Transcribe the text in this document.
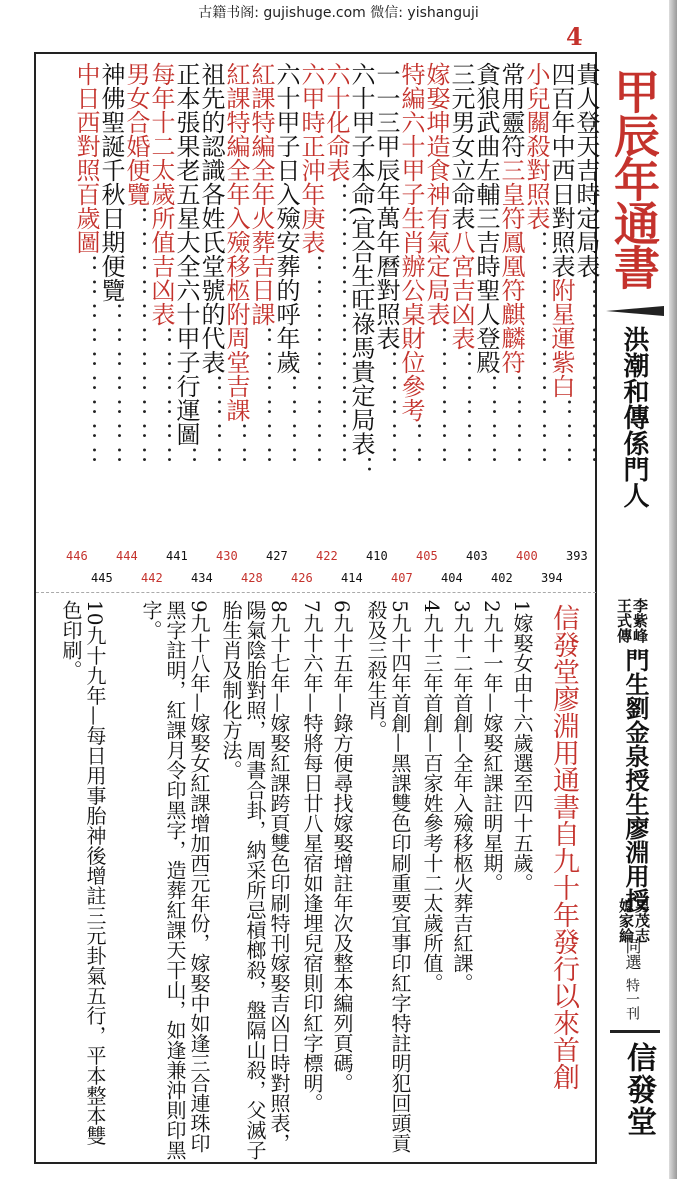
古籍书阁: gujishuge.com 微信: yishanguji
4
甲辰年通書
洪潮和傳係門人
李紫峰
王式傳
門生劉金泉授生廖淵用授
男茂志
媳家綸
同選
特一刊
信發堂
貴人登天吉時定局表：：：：：：：：
四百年中西日對照表附星運紫白：：：
小兒關殺對照表：：：：：：：：：：
常用靈符三皇符鳳凰符麒麟符：：：：
貪狼武曲左輔三吉時聖人登殿：：：：
三元男女立命表八宮吉凶表：：：：：
嫁娶坤造食神有氣定局表：：：：：：
特編六十甲子生肖辦公桌財位參考：：
一一三甲辰年萬年曆對照表：：：：：
六十甲子本命(宜合生旺祿馬貴定局表：
六十化命表：：：：：：：：：：：：
六甲時正沖年庚表：：：：：：：：：
六十甲子日入殮安葬的呼年歲：：：：
紅課特編全年火葬吉日課：：：：：：
紅課特編全年入殮移柩附周堂吉課：：
祖先的認識各姓氏堂號的代表：：：：
正本張果老五星大全六十甲子行運圖：
每年十二太歲所值吉凶表：：：：：：
男女合婚便覽：：：：：：：：：：：
神佛聖誕千秋日期便覽：：：：：：：
中日西對照百歲圖：：：：：：：：：
393
394
400
402
403
404
405
407
410
414
422
426
427
428
430
434
441
442
444
445
446
信發堂廖淵用通書自九十年發行以來首創
1嫁娶女由十六歲選至四十五歲。
2九十一年—嫁娶紅課註明星期。
3九十二年首創—全年入殮移柩火葬吉紅課。
4九十三年首創—百家姓參考十二太歲所值。
5九十四年首創—黑課雙色印刷重要宜事印紅字特註明犯回頭貢殺及三殺生肖。
6九十五年—錄方便尋找嫁娶增註年次及整本編列頁碼。
7九十六年—特將每日廿八星宿如逢埋兒宿則印紅字標明。
8九十七年—嫁娶紅課跨頁雙色印刷特刊嫁娶吉凶日時對照表，陽氣陰胎對照，周書合卦，納采所忌槓榔殺，盤隔山殺，父滅子胎生肖及制化方法。
9九十八年—嫁娶女紅課增加西元年份，嫁娶中如逢三合連珠印黑字註明，紅課月令印黑字，造葬紅課天干山，如逢兼沖則印黑字。
10九十九年—每日用事胎神後增註三元卦氣五行，平本整本雙色印刷。
